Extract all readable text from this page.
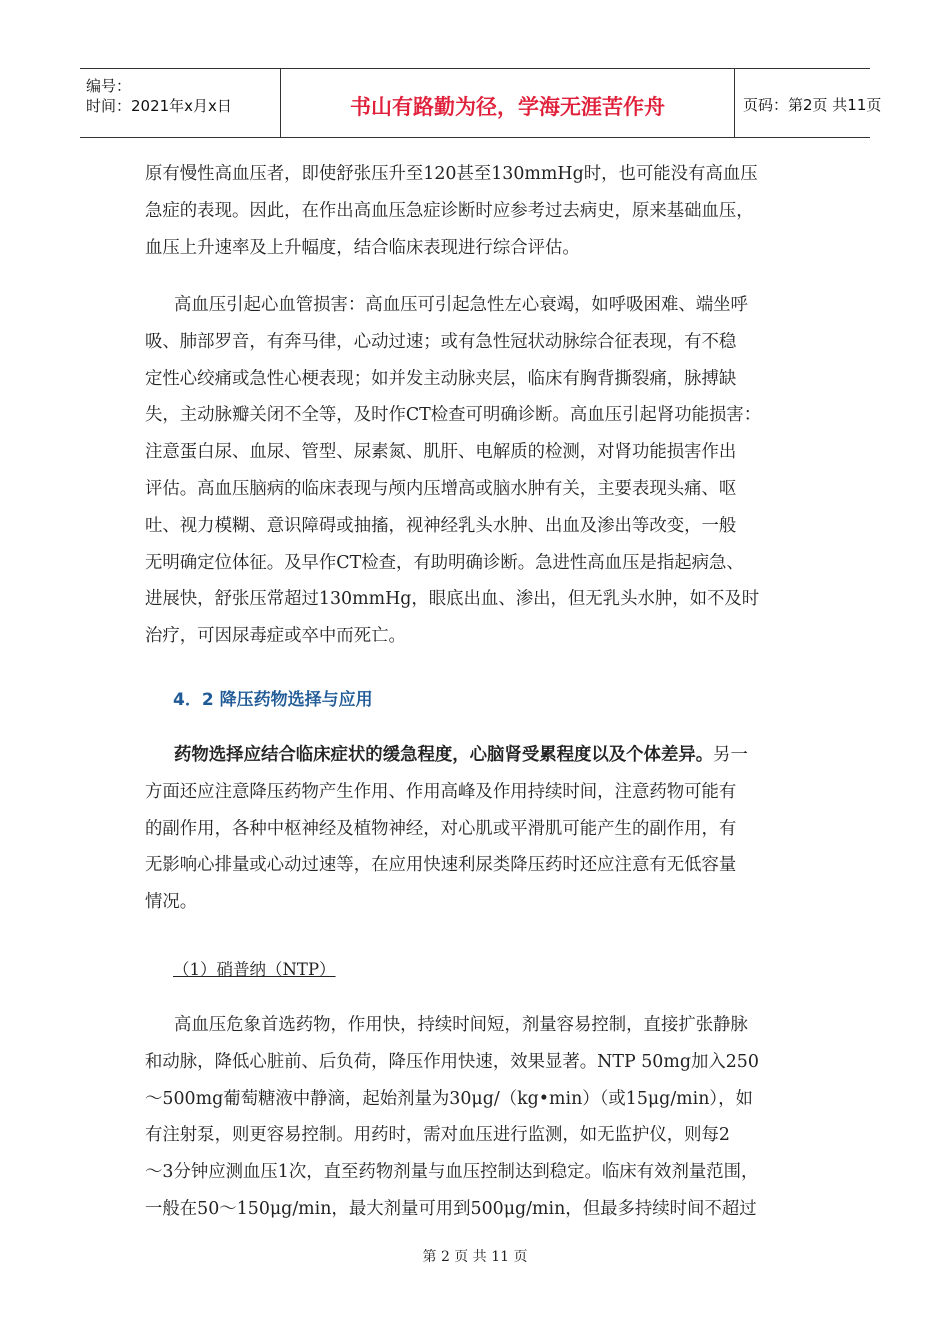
编号：
时间：2021年x月x日	书山有路勤为径，学海无涯苦作舟	页码：第2页 共11页
原有慢性高血压者，即使舒张压升至120甚至130mmHg时，也可能没有高血压
急症的表现。因此，在作出高血压急症诊断时应参考过去病史，原来基础血压，
血压上升速率及上升幅度，结合临床表现进行综合评估。
高血压引起心血管损害：高血压可引起急性左心衰竭，如呼吸困难、端坐呼
吸、肺部罗音，有奔马律，心动过速；或有急性冠状动脉综合征表现，有不稳
定性心绞痛或急性心梗表现；如并发主动脉夹层，临床有胸背撕裂痛，脉搏缺
失，主动脉瓣关闭不全等，及时作CT检查可明确诊断。高血压引起肾功能损害：
注意蛋白尿、血尿、管型、尿素氮、肌肝、电解质的检测，对肾功能损害作出
评估。高血压脑病的临床表现与颅内压增高或脑水肿有关，主要表现头痛、呕
吐、视力模糊、意识障碍或抽搐，视神经乳头水肿、出血及渗出等改变，一般
无明确定位体征。及早作CT检查，有助明确诊断。急进性高血压是指起病急、
进展快，舒张压常超过130mmHg，眼底出血、渗出，但无乳头水肿，如不及时
治疗，可因尿毒症或卒中而死亡。
4．2 降压药物选择与应用
药物选择应结合临床症状的缓急程度，心脑肾受累程度以及个体差异。另一
方面还应注意降压药物产生作用、作用高峰及作用持续时间，注意药物可能有
的副作用，各种中枢神经及植物神经，对心肌或平滑肌可能产生的副作用，有
无影响心排量或心动过速等，在应用快速利尿类降压药时还应注意有无低容量
情况。
（1）硝普纳（NTP）
高血压危象首选药物，作用快，持续时间短，剂量容易控制，直接扩张静脉
和动脉，降低心脏前、后负荷，降压作用快速，效果显著。NTP 50mg加入250
～500mg葡萄糖液中静滴，起始剂量为30μg/（kg•min）（或15μg/min），如
有注射泵，则更容易控制。用药时，需对血压进行监测，如无监护仪，则每2
～3分钟应测血压1次，直至药物剂量与血压控制达到稳定。临床有效剂量范围，
一般在50～150μg/min，最大剂量可用到500μg/min，但最多持续时间不超过
第 2 页 共 11 页
